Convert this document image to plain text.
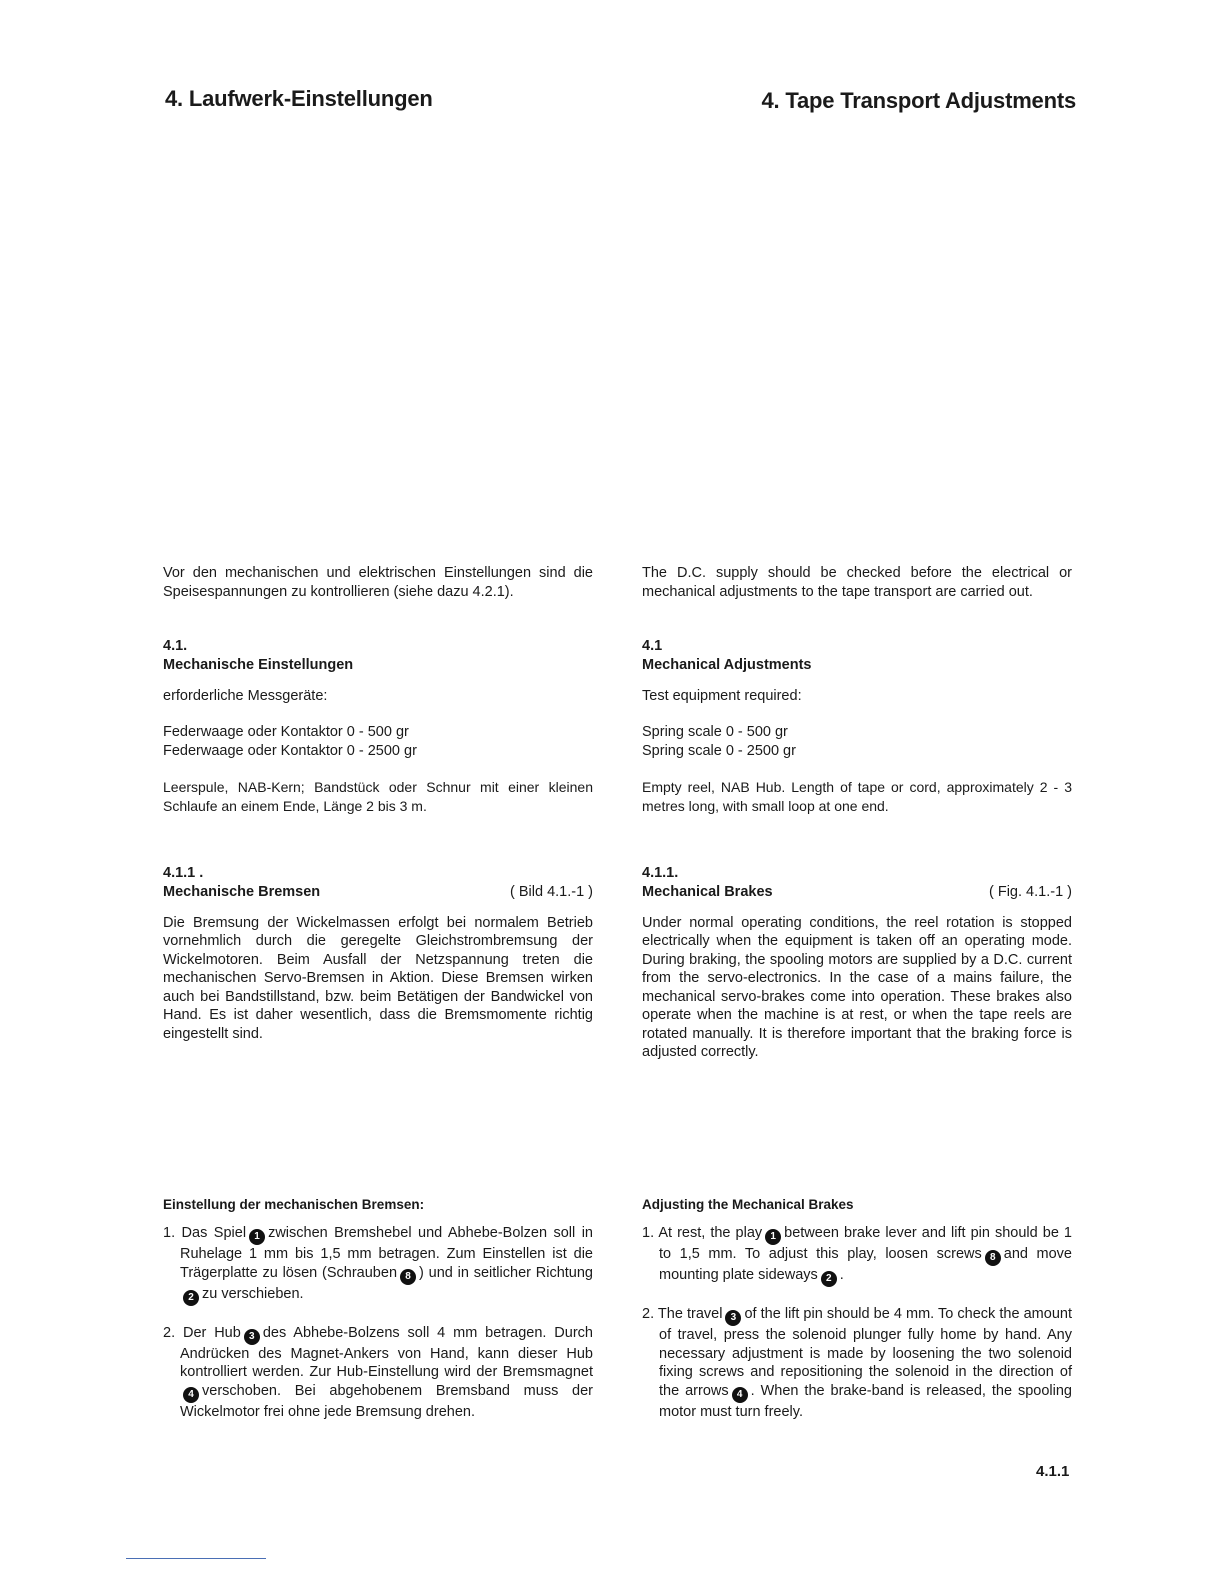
4. Laufwerk-Einstellungen	4. Tape Transport Adjustments

Vor den mechanischen und elektrischen Einstellungen sind die Speisespannungen zu kontrollieren (siehe dazu 4.2.1).

The D.C. supply should be checked before the electrical or mechanical adjustments to the tape transport are carried out.

4.1.
Mechanische Einstellungen

erforderliche Messgeräte:

Federwaage oder Kontaktor 0 - 500 gr

Federwaage oder Kontaktor 0 - 2500 gr

Leerspule, NAB-Kern; Bandstück oder Schnur mit einer kleinen Schlaufe an einem Ende, Länge 2 bis 3 m.

4.1
Mechanical Adjustments

Test equipment required:

Spring scale 0 - 500 gr

Spring scale 0 - 2500 gr

Empty reel, NAB Hub. Length of tape or cord, approximately 2 - 3 metres long, with small loop at one end.

4.1.1 .
Mechanische Bremsen	( Bild 4.1.-1 )

Die Bremsung der Wickelmassen erfolgt bei normalem Betrieb vornehmlich durch die geregelte Gleichstrombremsung der Wickelmotoren. Beim Ausfall der Netzspannung treten die mechanischen Servo-Bremsen in Aktion. Diese Bremsen wirken auch bei Bandstillstand, bzw. beim Betätigen der Bandwickel von Hand. Es ist daher wesentlich, dass die Bremsmomente richtig eingestellt sind.

4.1.1.
Mechanical Brakes	( Fig. 4.1.-1 )

Under normal operating conditions, the reel rotation is stopped electrically when the equipment is taken off an operating mode. During braking, the spooling motors are supplied by a D.C. current from the servo-electronics. In the case of a mains failure, the mechanical servo-brakes come into operation. These brakes also operate when the machine is at rest, or when the tape reels are rotated manually. It is therefore important that the braking force is adjusted correctly.

Einstellung der mechanischen Bremsen:
1. Das Spiel 1 zwischen Bremshebel und Abhebe-Bolzen soll in Ruhelage 1 mm bis 1,5 mm betragen. Zum Einstellen ist die Trägerplatte zu lösen (Schrauben 8 ) und in seitlicher Richtung2 zu verschieben.
2. Der Hub 3 des Abhebe-Bolzens soll 4 mm betragen. Durch Andrücken des Magnet-Ankers von Hand, kann dieser Hub kontrolliert werden. Zur Hub-Einstellung wird der Bremsmagnet4 verschoben. Bei abgehobenem Bremsband muss der Wickelmotor frei ohne jede Bremsung drehen.
Adjusting the Mechanical Brakes
1. At rest, the play 1 between brake lever and lift pin should be 1 to 1,5 mm. To adjust this play, loosen screws 8 and move mounting plate sideways 2 .
2. The travel 3 of the lift pin should be 4 mm. To check the amount of travel, press the solenoid plunger fully home by hand. Any necessary adjustment is made by loosening the two solenoid fixing screws and repositioning the solenoid in the direction of the arrows 4 . When the brake-band is released, the spooling motor must turn freely.
4.1.1
